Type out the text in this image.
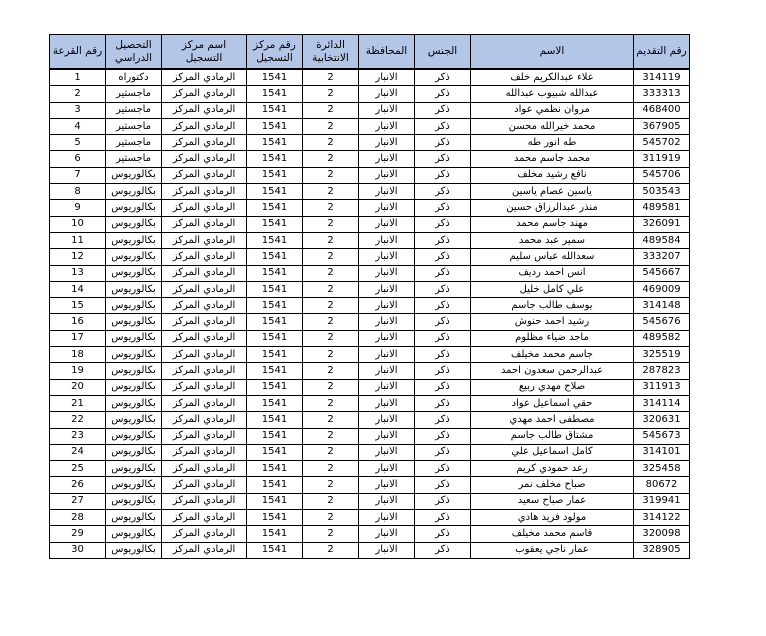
رقم القرعة	التحصيل الدراسي	اسم مركز التسجيل	رقم مركز التسجيل	الدائرة الانتخابية	المحافظة	الجنس	الاسم	رقم التقديم

1	دكتوراه	الرمادي المركز	1541	2	الانبار	ذكر	علاء عبدالكريم خلف	314119
2	ماجستير	الرمادي المركز	1541	2	الانبار	ذكر	عبدالله شبيوب عبدالله	333313
3	ماجستير	الرمادي المركز	1541	2	الانبار	ذكر	مروان نظمي عواد	468400
4	ماجستير	الرمادي المركز	1541	2	الانبار	ذكر	محمد خيرالله محسن	367905
5	ماجستير	الرمادي المركز	1541	2	الانبار	ذكر	طه انور طه	545702
6	ماجستير	الرمادي المركز	1541	2	الانبار	ذكر	محمد جاسم محمد	311919
7	بكالوريوس	الرمادي المركز	1541	2	الانبار	ذكر	نافع رشيد مخلف	545706
8	بكالوريوس	الرمادي المركز	1541	2	الانبار	ذكر	ياسين عصام ياسين	503543
9	بكالوريوس	الرمادي المركز	1541	2	الانبار	ذكر	منذر عبدالرزاق حسين	489581
10	بكالوريوس	الرمادي المركز	1541	2	الانبار	ذكر	مهند جاسم محمد	326091
11	بكالوريوس	الرمادي المركز	1541	2	الانبار	ذكر	سمير عبد محمد	489584
12	بكالوريوس	الرمادي المركز	1541	2	الانبار	ذكر	سعدالله عباس سليم	333207
13	بكالوريوس	الرمادي المركز	1541	2	الانبار	ذكر	انس احمد رديف	545667
14	بكالوريوس	الرمادي المركز	1541	2	الانبار	ذكر	علي كامل خليل	469009
15	بكالوريوس	الرمادي المركز	1541	2	الانبار	ذكر	يوسف طالب جاسم	314148
16	بكالوريوس	الرمادي المركز	1541	2	الانبار	ذكر	رشيد احمد حنوش	545676
17	بكالوريوس	الرمادي المركز	1541	2	الانبار	ذكر	ماجد ضياء مظلوم	489582
18	بكالوريوس	الرمادي المركز	1541	2	الانبار	ذكر	جاسم محمد مخيلف	325519
19	بكالوريوس	الرمادي المركز	1541	2	الانبار	ذكر	عبدالرحمن سعدون احمد	287823
20	بكالوريوس	الرمادي المركز	1541	2	الانبار	ذكر	صلاح مهدي ربيع	311913
21	بكالوريوس	الرمادي المركز	1541	2	الانبار	ذكر	حقي اسماعيل عواد	314114
22	بكالوريوس	الرمادي المركز	1541	2	الانبار	ذكر	مصطفى احمد مهدي	320631
23	بكالوريوس	الرمادي المركز	1541	2	الانبار	ذكر	مشتاق طالب جاسم	545673
24	بكالوريوس	الرمادي المركز	1541	2	الانبار	ذكر	كامل اسماعيل علي	314101
25	بكالوريوس	الرمادي المركز	1541	2	الانبار	ذكر	رعد حمودي كريم	325458
26	بكالوريوس	الرمادي المركز	1541	2	الانبار	ذكر	صباح مخلف نمر	80672
27	بكالوريوس	الرمادي المركز	1541	2	الانبار	ذكر	عمار صباح سعيد	319941
28	بكالوريوس	الرمادي المركز	1541	2	الانبار	ذكر	مولود فريد هادي	314122
29	بكالوريوس	الرمادي المركز	1541	2	الانبار	ذكر	قاسم محمد مخيلف	320098
30	بكالوريوس	الرمادي المركز	1541	2	الانبار	ذكر	عمار ناجي يعقوب	328905
